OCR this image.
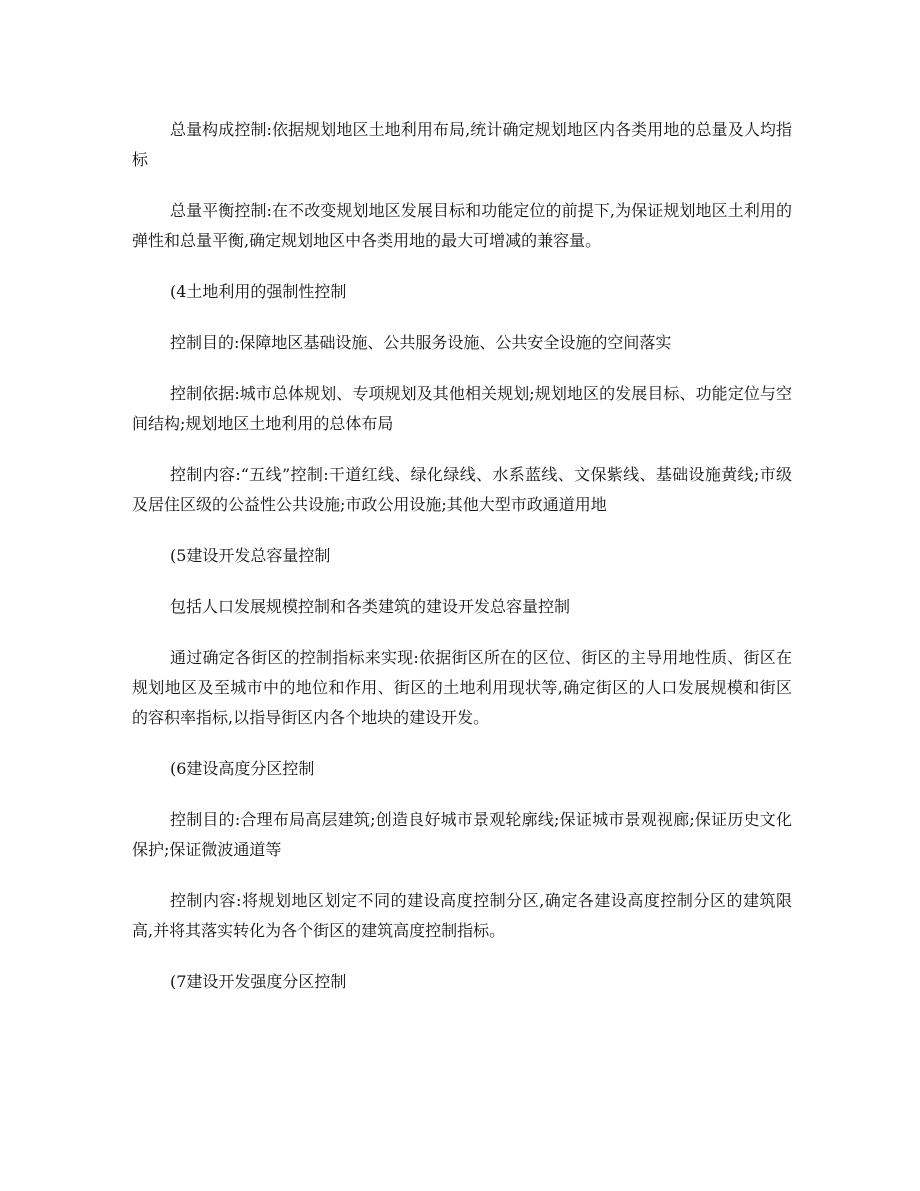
总量构成控制:依据规划地区土地利用布局,统计确定规划地区内各类用地的总量及人均指标

总量平衡控制:在不改变规划地区发展目标和功能定位的前提下,为保证规划地区土利用的弹性和总量平衡,确定规划地区中各类用地的最大可增减的兼容量。

(4土地利用的强制性控制

控制目的:保障地区基础设施、公共服务设施、公共安全设施的空间落实

控制依据:城市总体规划、专项规划及其他相关规划;规划地区的发展目标、功能定位与空间结构;规划地区土地利用的总体布局

控制内容:“五线”控制:干道红线、绿化绿线、水系蓝线、文保紫线、基础设施黄线;市级及居住区级的公益性公共设施;市政公用设施;其他大型市政通道用地

(5建设开发总容量控制

包括人口发展规模控制和各类建筑的建设开发总容量控制

通过确定各街区的控制指标来实现:依据街区所在的区位、街区的主导用地性质、街区在规划地区及至城市中的地位和作用、街区的土地利用现状等,确定街区的人口发展规模和街区的容积率指标,以指导街区内各个地块的建设开发。

(6建设高度分区控制

控制目的:合理布局高层建筑;创造良好城市景观轮廓线;保证城市景观视廊;保证历史文化保护;保证微波通道等

控制内容:将规划地区划定不同的建设高度控制分区,确定各建设高度控制分区的建筑限高,并将其落实转化为各个街区的建筑高度控制指标。

(7建设开发强度分区控制
